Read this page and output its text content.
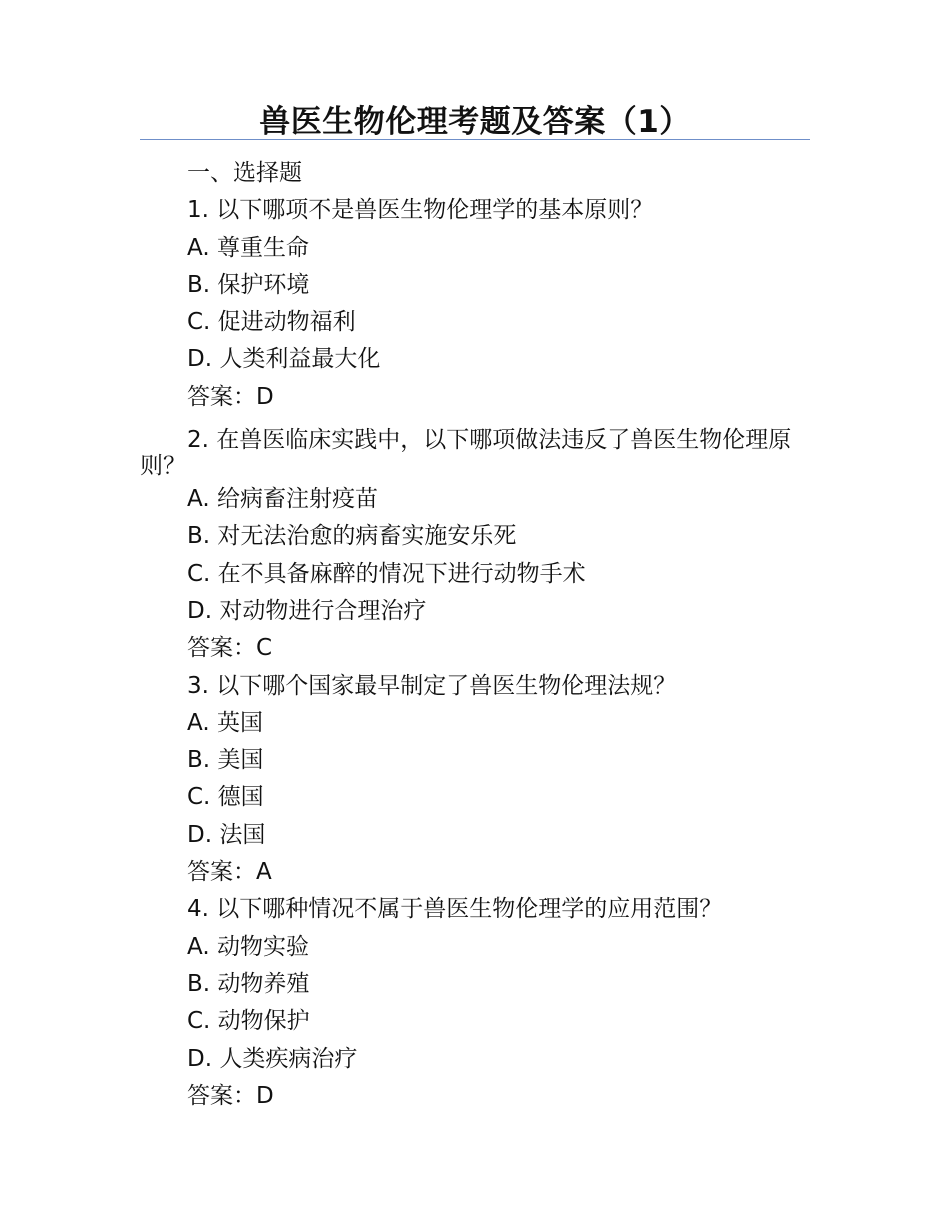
兽医生物伦理考题及答案（1）
一、选择题
1. 以下哪项不是兽医生物伦理学的基本原则？
A. 尊重生命
B. 保护环境
C. 促进动物福利
D. 人类利益最大化
答案：D
2. 在兽医临床实践中，以下哪项做法违反了兽医生物伦理原则？
A. 给病畜注射疫苗
B. 对无法治愈的病畜实施安乐死
C. 在不具备麻醉的情况下进行动物手术
D. 对动物进行合理治疗
答案：C
3. 以下哪个国家最早制定了兽医生物伦理法规？
A. 英国
B. 美国
C. 德国
D. 法国
答案：A
4. 以下哪种情况不属于兽医生物伦理学的应用范围？
A. 动物实验
B. 动物养殖
C. 动物保护
D. 人类疾病治疗
答案：D
